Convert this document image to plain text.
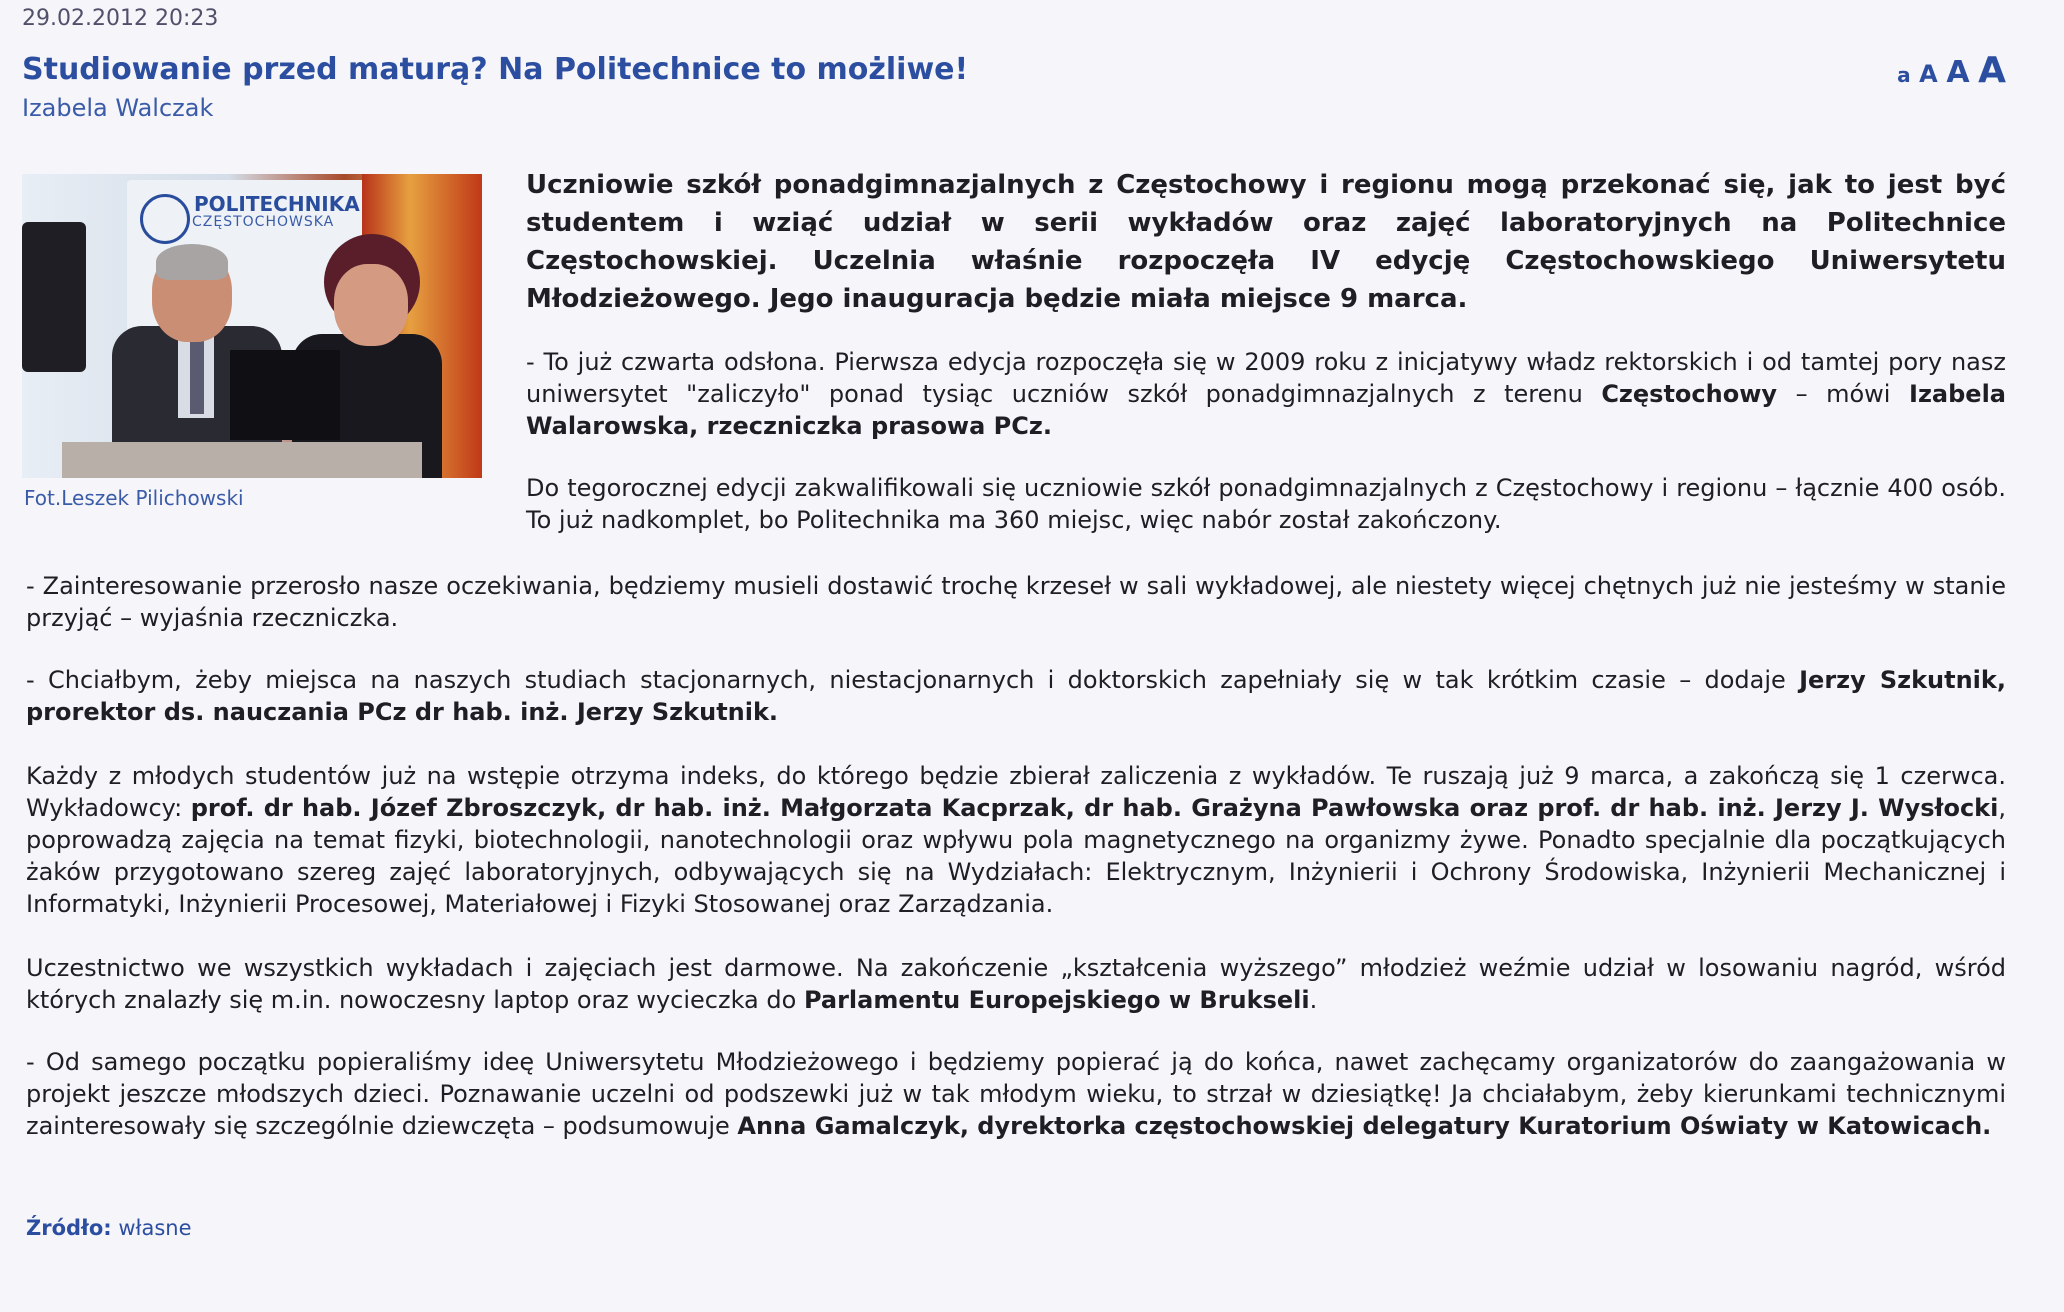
29.02.2012 20:23
Studiowanie przed maturą? Na Politechnice to możliwe!
Izabela Walczak
a A A A
POLITECHNIKA
CZĘSTOCHOWSKA
Fot.Leszek Pilichowski

Uczniowie szkół ponadgimnazjalnych z Częstochowy i regionu mogą przekonać się, jak to jest być studentem i wziąć udział w serii wykładów oraz zajęć laboratoryjnych na Politechnice Częstochowskiej. Uczelnia właśnie rozpoczęła IV edycję Częstochowskiego Uniwersytetu Młodzieżowego. Jego inauguracja będzie miała miejsce 9 marca.

- To już czwarta odsłona. Pierwsza edycja rozpoczęła się w 2009 roku z inicjatywy władz rektorskich i od tamtej pory nasz uniwersytet "zaliczyło" ponad tysiąc uczniów szkół ponadgimnazjalnych z terenu Częstochowy – mówi Izabela Walarowska, rzeczniczka prasowa PCz.

Do tegorocznej edycji zakwalifikowali się uczniowie szkół ponadgimnazjalnych z Częstochowy i regionu – łącznie 400 osób. To już nadkomplet, bo Politechnika ma 360 miejsc, więc nabór został zakończony.

- Zainteresowanie przerosło nasze oczekiwania, będziemy musieli dostawić trochę krzeseł w sali wykładowej, ale niestety więcej chętnych już nie jesteśmy w stanie przyjąć – wyjaśnia rzeczniczka.

- Chciałbym, żeby miejsca na naszych studiach stacjonarnych, niestacjonarnych i doktorskich zapełniały się w tak krótkim czasie – dodaje Jerzy Szkutnik, prorektor ds. nauczania PCz dr hab. inż. Jerzy Szkutnik.

Każdy z młodych studentów już na wstępie otrzyma indeks, do którego będzie zbierał zaliczenia z wykładów. Te ruszają już 9 marca, a zakończą się 1 czerwca. Wykładowcy: prof. dr hab. Józef Zbroszczyk, dr hab. inż. Małgorzata Kacprzak, dr hab. Grażyna Pawłowska oraz prof. dr hab. inż. Jerzy J. Wysłocki, poprowadzą zajęcia na temat fizyki, biotechnologii, nanotechnologii oraz wpływu pola magnetycznego na organizmy żywe. Ponadto specjalnie dla początkujących żaków przygotowano szereg zajęć laboratoryjnych, odbywających się na Wydziałach: Elektrycznym, Inżynierii i Ochrony Środowiska, Inżynierii Mechanicznej i Informatyki, Inżynierii Procesowej, Materiałowej i Fizyki Stosowanej oraz Zarządzania.

Uczestnictwo we wszystkich wykładach i zajęciach jest darmowe. Na zakończenie „kształcenia wyższego” młodzież weźmie udział w losowaniu nagród, wśród których znalazły się m.in. nowoczesny laptop oraz wycieczka do Parlamentu Europejskiego w Brukseli.

- Od samego początku popieraliśmy ideę Uniwersytetu Młodzieżowego i będziemy popierać ją do końca, nawet zachęcamy organizatorów do zaangażowania w projekt jeszcze młodszych dzieci. Poznawanie uczelni od podszewki już w tak młodym wieku, to strzał w dziesiątkę! Ja chciałabym, żeby kierunkami technicznymi zainteresowały się szczególnie dziewczęta – podsumowuje Anna Gamalczyk, dyrektorka częstochowskiej delegatury Kuratorium Oświaty w Katowicach.

Źródło: własne
